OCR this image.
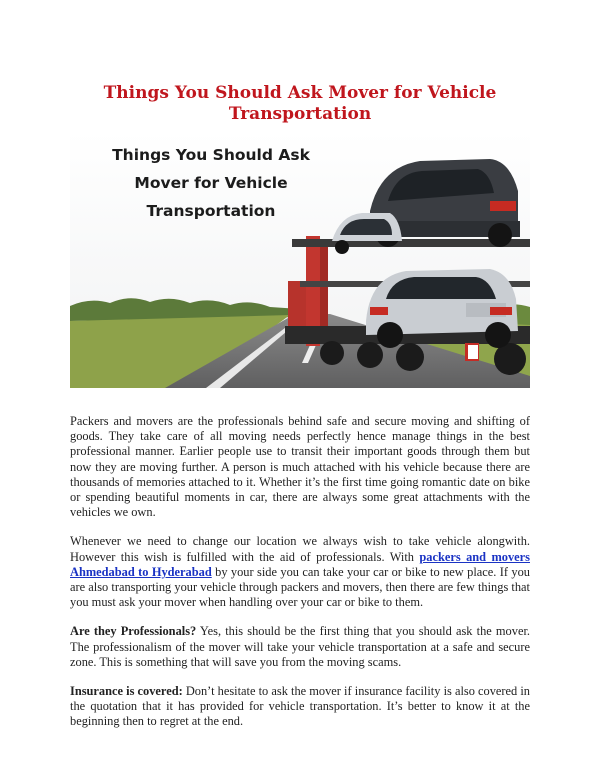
Things You Should Ask Mover for Vehicle Transportation
Things You Should Ask
Mover for Vehicle
Transportation

Packers and movers are the professionals behind safe and secure moving and shifting of goods. They take care of all moving needs perfectly hence manage things in the best professional manner. Earlier people use to transit their important goods through them but now they are moving further. A person is much attached with his vehicle because there are thousands of memories attached to it. Whether it’s the first time going romantic date on bike or spending beautiful moments in car, there are always some great attachments with the vehicles we own.

Whenever we need to change our location we always wish to take vehicle alongwith. However this wish is fulfilled with the aid of professionals. With packers and movers Ahmedabad to Hyderabad by your side you can take your car or bike to new place. If you are also transporting your vehicle through packers and movers, then there are few things that you must ask your mover when handling over your car or bike to them.

Are they Professionals? Yes, this should be the first thing that you should ask the mover. The professionalism of the mover will take your vehicle transportation at a safe and secure zone. This is something that will save you from the moving scams.

Insurance is covered: Don’t hesitate to ask the mover if insurance facility is also covered in the quotation that it has provided for vehicle transportation. It’s better to know it at the beginning then to regret at the end.
